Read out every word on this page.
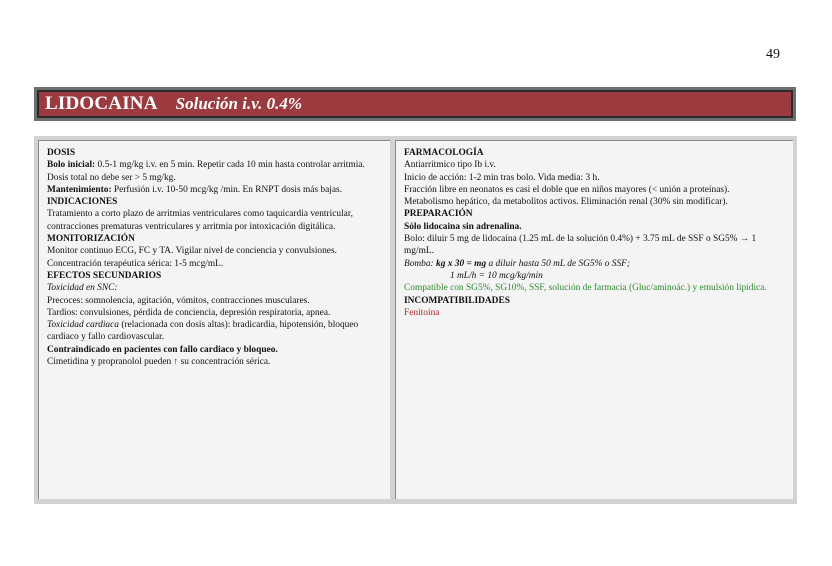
49
LIDOCAINA Solución i.v. 0.4%
DOSIS
Bolo inicial: 0.5-1 mg/kg i.v. en 5 min. Repetir cada 10 min hasta controlar arritmia. Dosis total no debe ser > 5 mg/kg.
Mantenimiento: Perfusión i.v. 10-50 mcg/kg /min. En RNPT dosis más bajas.
INDICACIONES
Tratamiento a corto plazo de arritmias ventriculares como taquicardia ventricular, contracciones prematuras ventriculares y arritmia por intoxicación digitálica.
MONITORIZACIÓN
Monitor continuo ECG, FC y TA. Vigilar nivel de conciencia y convulsiones.
Concentración terapéutica sérica: 1-5 mcg/mL.
EFECTOS SECUNDARIOS
Toxicidad en SNC:
Precoces: somnolencia, agitación, vómitos, contracciones musculares.
Tardios: convulsiones, pérdida de conciencia, depresión respiratoria, apnea.
Toxicidad cardiaca (relacionada con dosis altas): bradicardia, hipotensión, bloqueo cardiaco y fallo cardiovascular.
Contraindicado en pacientes con fallo cardiaco y bloqueo.
Cimetidina y propranolol pueden ↑ su concentración sérica.
FARMACOLOGÍA
Antiarrítmico tipo Ib i.v.
Inicio de acción: 1-2 min tras bolo. Vida media: 3 h.
Fracción libre en neonatos es casi el doble que en niños mayores (< unión a proteínas).
Metabolismo hepático, da metabolitos activos. Eliminación renal (30% sin modificar).
PREPARACIÓN
Sólo lidocaina sin adrenalina.
Bolo: diluir 5 mg de lidocaína (1.25 mL de la solución 0.4%) + 3.75 mL de SSF o SG5% → 1 mg/mL.
Bomba: kg x 30 = mg a diluir hasta 50 mL de SG5% o SSF;
1 mL/h = 10 mcg/kg/min
Compatible con SG5%, SG10%, SSF, solución de farmacia (Gluc/aminoác.) y emulsión lipídica.
INCOMPATIBILIDADES
Fenitoína
